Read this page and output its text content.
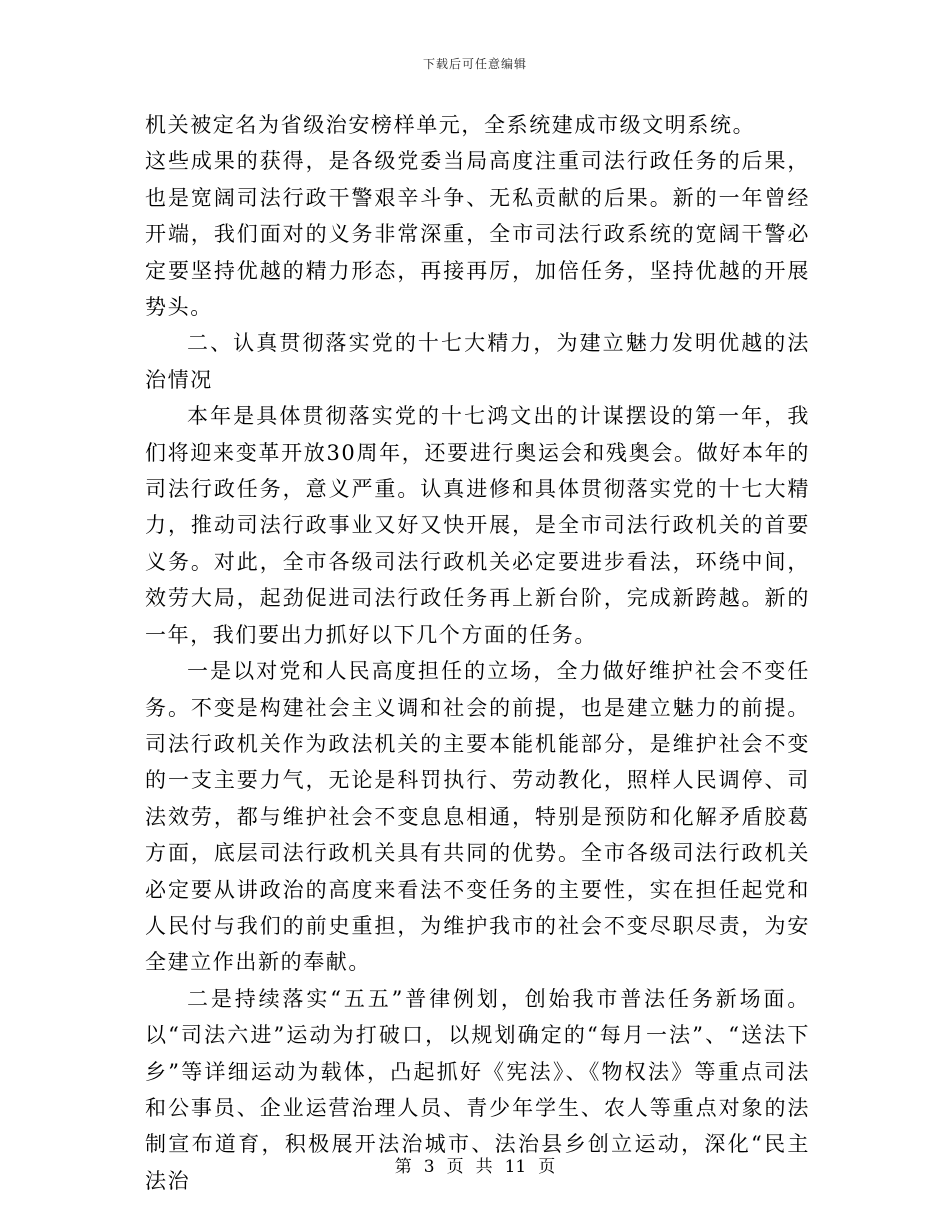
下载后可任意编辑

机关被定名为省级治安榜样单元，全系统建成市级文明系统。

这些成果的获得，是各级党委当局高度注重司法行政任务的后果，也是宽阔司法行政干警艰辛斗争、无私贡献的后果。新的一年曾经开端，我们面对的义务非常深重，全市司法行政系统的宽阔干警必定要坚持优越的精力形态，再接再厉，加倍任务，坚持优越的开展势头。

二、认真贯彻落实党的十七大精力，为建立魅力发明优越的法治情况

本年是具体贯彻落实党的十七鸿文出的计谋摆设的第一年，我们将迎来变革开放30周年，还要进行奥运会和残奥会。做好本年的司法行政任务，意义严重。认真进修和具体贯彻落实党的十七大精力，推动司法行政事业又好又快开展，是全市司法行政机关的首要义务。对此，全市各级司法行政机关必定要进步看法，环绕中间，效劳大局，起劲促进司法行政任务再上新台阶，完成新跨越。新的一年，我们要出力抓好以下几个方面的任务。

一是以对党和人民高度担任的立场，全力做好维护社会不变任务。不变是构建社会主义调和社会的前提，也是建立魅力的前提。司法行政机关作为政法机关的主要本能机能部分，是维护社会不变的一支主要力气，无论是科罚执行、劳动教化，照样人民调停、司法效劳，都与维护社会不变息息相通，特别是预防和化解矛盾胶葛方面，底层司法行政机关具有共同的优势。全市各级司法行政机关必定要从讲政治的高度来看法不变任务的主要性，实在担任起党和人民付与我们的前史重担，为维护我市的社会不变尽职尽责，为安全建立作出新的奉献。

二是持续落实“五五”普律例划，创始我市普法任务新场面。以“司法六进”运动为打破口，以规划确定的“每月一法”、“送法下乡”等详细运动为载体，凸起抓好《宪法》、《物权法》等重点司法和公事员、企业运营治理人员、青少年学生、农人等重点对象的法制宣布道育，积极展开法治城市、法治县乡创立运动，深化“民主法治

第 3 页 共 11 页
